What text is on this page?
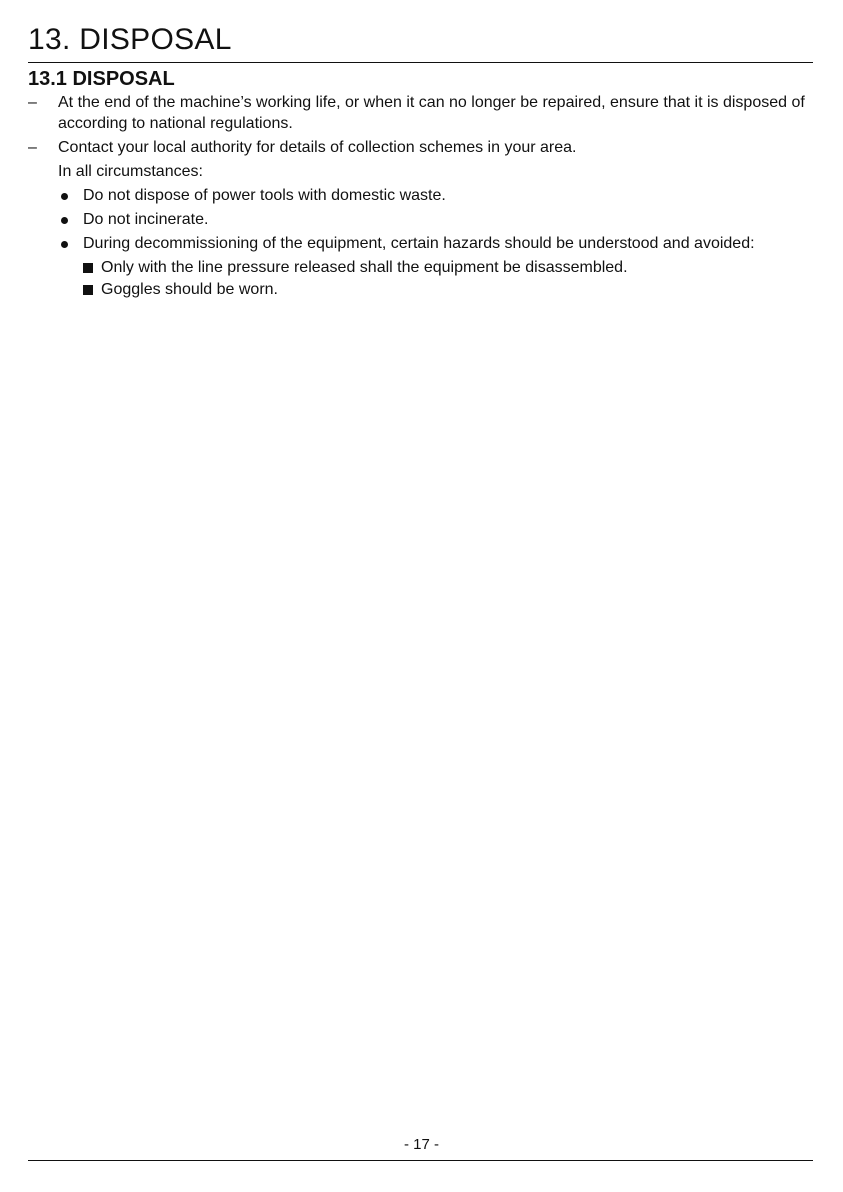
13. DISPOSAL
13.1 DISPOSAL
–	At the end of the machine’s working life, or when it can no longer be repaired, ensure that it is disposed of according to national regulations.
–	Contact your local authority for details of collection schemes in your area.
In all circumstances:
Do not dispose of power tools with domestic waste.
Do not incinerate.
During decommissioning of the equipment, certain hazards should be understood and avoided:
Only with the line pressure released shall the equipment be disassembled.
Goggles should be worn.
- 17 -
